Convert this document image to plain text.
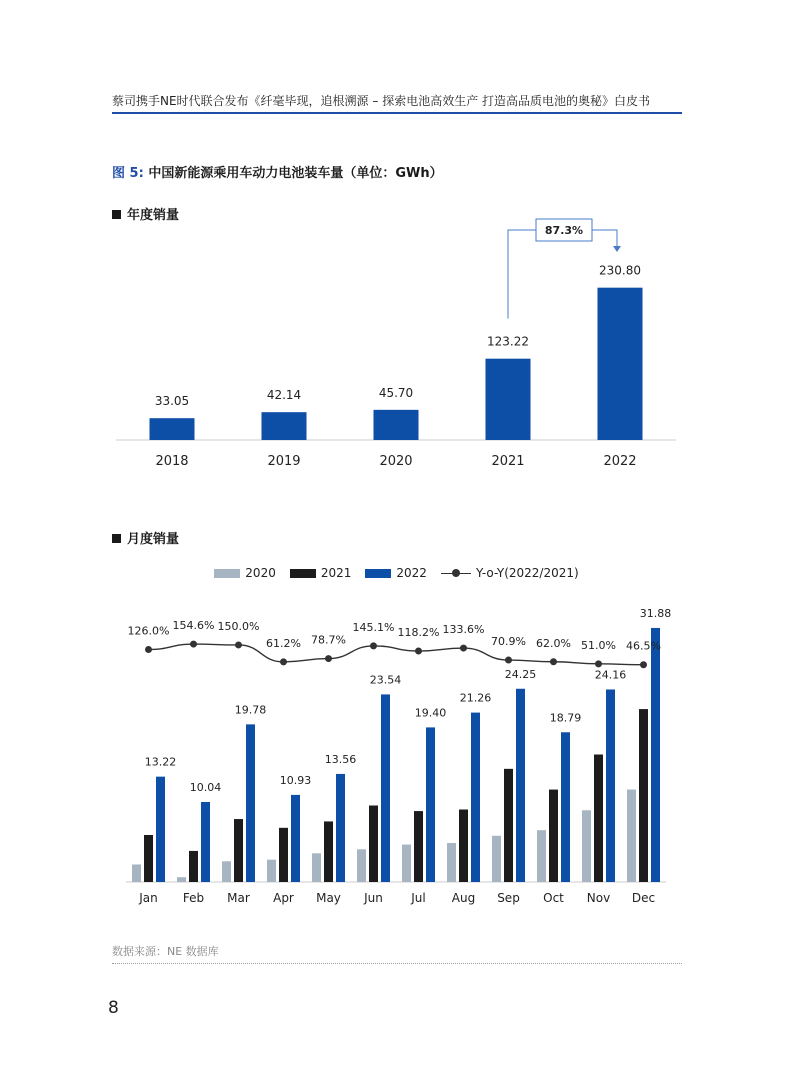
蔡司携手NE时代联合发布《纤毫毕现，追根溯源 – 探索电池高效生产 打造高品质电池的奥秘》白皮书
图 5: 中国新能源乘用车动力电池装车量（单位：GWh）
年度销量
月度销量
2020	2021	2022	Y-o-Y(2022/2021)
33.05
2018
42.14
2019
45.70
2020
123.22
2021
230.80
2022
87.3%
13.22
Jan
10.04
Feb
19.78
Mar
10.93
Apr
13.56
May
23.54
Jun
19.40
Jul
21.26
Aug
24.25
Sep
18.79
Oct
24.16
Nov
31.88
Dec
126.0% 154.6% 150.0%
61.2% 78.7%
145.1% 118.2% 133.6%
70.9% 62.0% 51.0% 46.5%
数据来源：NE 数据库
8
